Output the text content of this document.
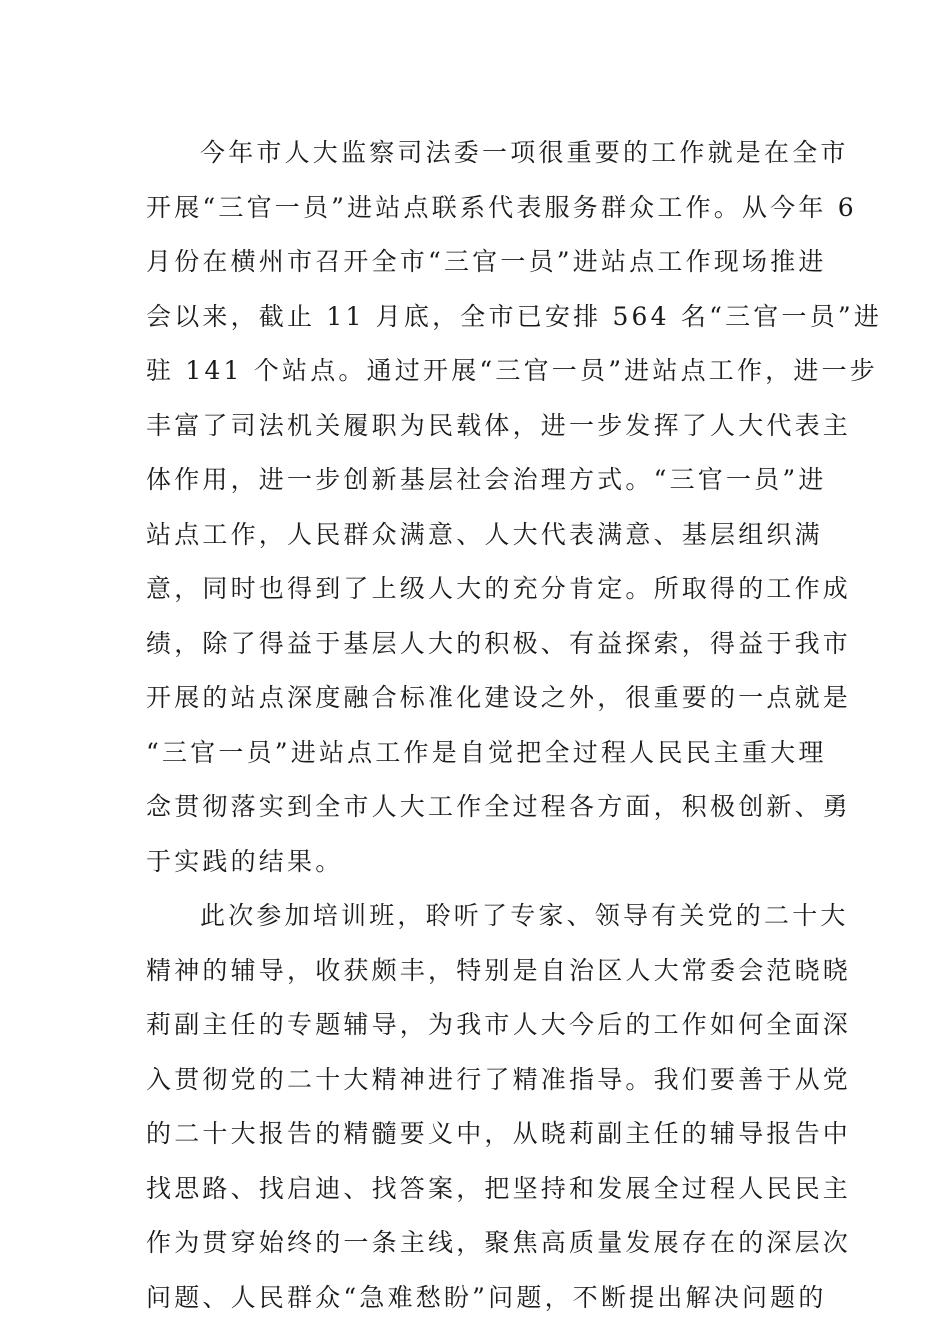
今年市人大监察司法委一项很重要的工作就是在全市
开展“三官一员”进站点联系代表服务群众工作。从今年 6
月份在横州市召开全市“三官一员”进站点工作现场推进
会以来，截止 11 月底，全市已安排 564 名“三官一员”进
驻 141 个站点。通过开展“三官一员”进站点工作，进一步
丰富了司法机关履职为民载体，进一步发挥了人大代表主
体作用，进一步创新基层社会治理方式。“三官一员”进
站点工作，人民群众满意、人大代表满意、基层组织满
意，同时也得到了上级人大的充分肯定。所取得的工作成
绩，除了得益于基层人大的积极、有益探索，得益于我市
开展的站点深度融合标准化建设之外，很重要的一点就是
“三官一员”进站点工作是自觉把全过程人民民主重大理
念贯彻落实到全市人大工作全过程各方面，积极创新、勇
于实践的结果。
此次参加培训班，聆听了专家、领导有关党的二十大
精神的辅导，收获颇丰，特别是自治区人大常委会范晓晓
莉副主任的专题辅导，为我市人大今后的工作如何全面深
入贯彻党的二十大精神进行了精准指导。我们要善于从党
的二十大报告的精髓要义中，从晓莉副主任的辅导报告中
找思路、找启迪、找答案，把坚持和发展全过程人民民主
作为贯穿始终的一条主线，聚焦高质量发展存在的深层次
问题、人民群众“急难愁盼”问题，不断提出解决问题的
